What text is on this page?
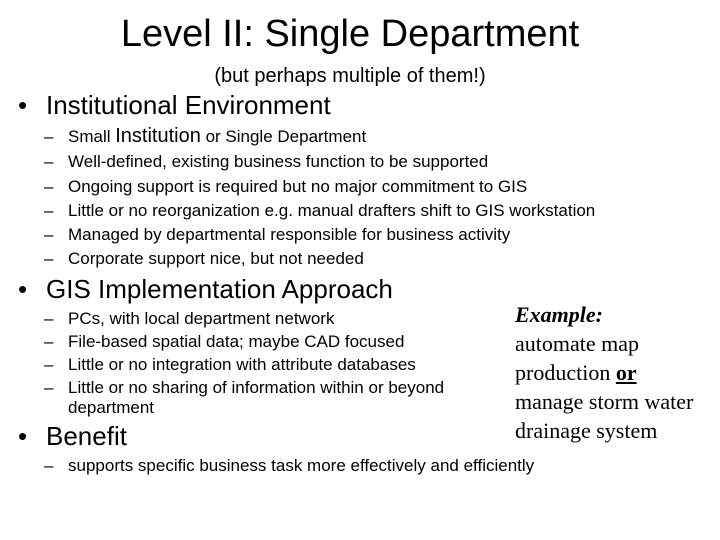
Level II: Single Department
(but perhaps multiple of them!)
• Institutional Environment
– Small Institution or Single Department
– Well-defined, existing business function to be supported
– Ongoing support is required but no major commitment to GIS
– Little or no reorganization e.g. manual drafters shift to GIS workstation
– Managed by departmental responsible for business activity
– Corporate support nice, but not needed
• GIS Implementation Approach
– PCs, with local department network
– File-based spatial data; maybe CAD focused
– Little or no integration with attribute databases
– Little or no sharing of information within or beyond department
• Benefit
– supports specific business task more effectively and efficiently
Example:
automate map
production or
manage storm water
drainage system
